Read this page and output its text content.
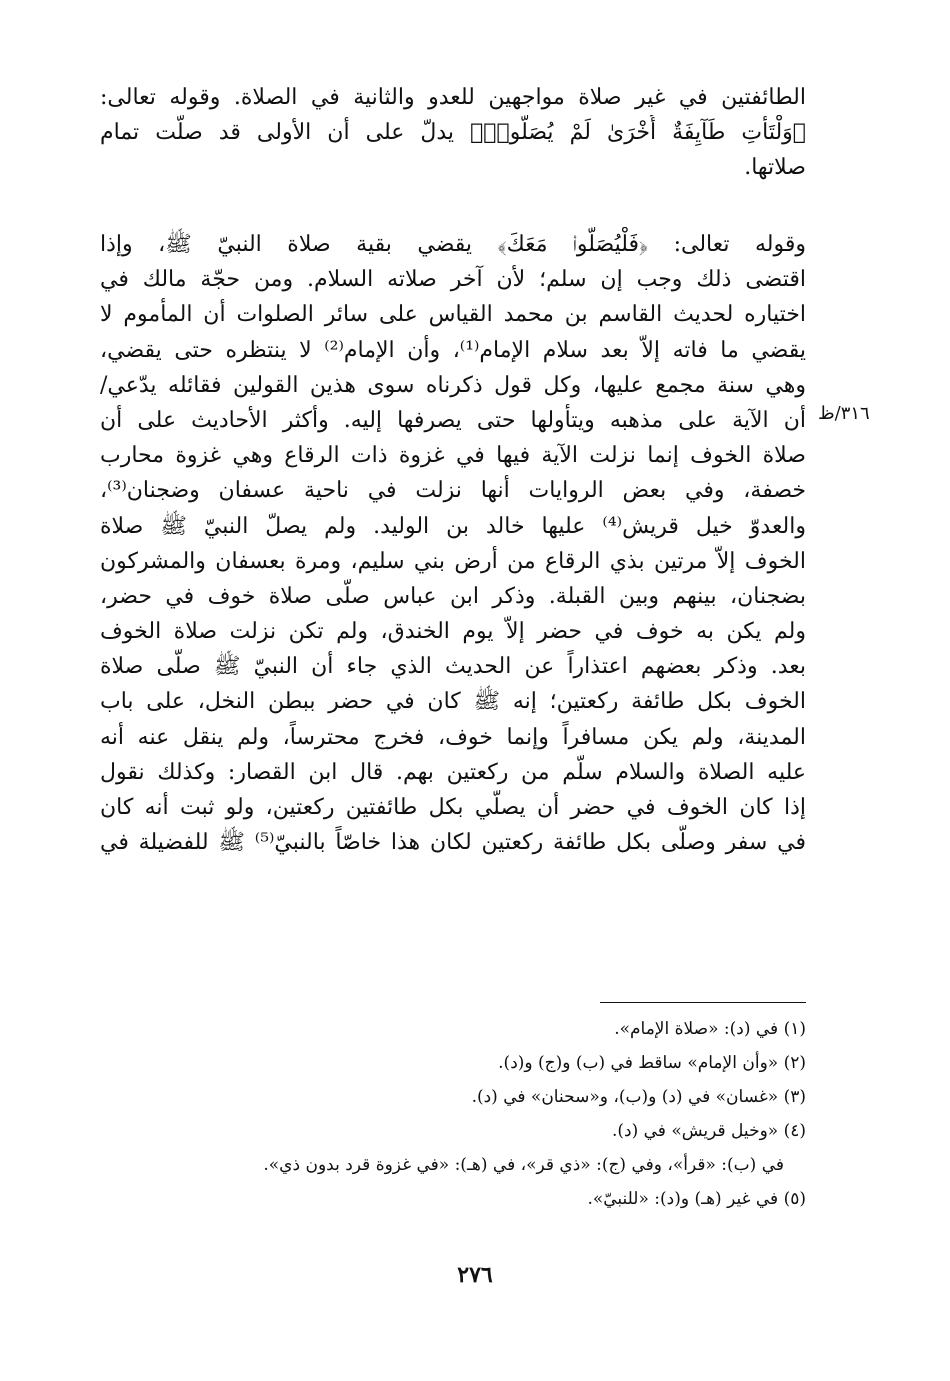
الطائفتين في غير صلاة مواجهين للعدو والثانية في الصلاة. وقوله تعالى:
﴿وَلْتَأْتِ طَآيِفَةٌ أُخْرَىٰ لَمْ يُصَلُّوا۟﴾ يدلّ على أن الأولى قد صلّت تمام
صلاتها.
وقوله تعالى: ﴿فَلْيُصَلُّوا۟ مَعَكَ﴾ يقضي بقية صلاة النبيّ ﷺ، وإذا
اقتضى ذلك وجب إن سلم؛ لأن آخر صلاته السلام. ومن حجّة مالك في
اختياره لحديث القاسم بن محمد القياس على سائر الصلوات أن المأموم لا
يقضي ما فاته إلاّ بعد سلام الإمام⁽¹⁾، وأن الإمام⁽²⁾ لا ينتظره حتى يقضي،
وهي سنة مجمع عليها، وكل قول ذكرناه سوى هذين القولين فقائله يدّعي/
أن الآية على مذهبه ويتأولها حتى يصرفها إليه. وأكثر الأحاديث على أن
صلاة الخوف إنما نزلت الآية فيها في غزوة ذات الرقاع وهي غزوة محارب
خصفة، وفي بعض الروايات أنها نزلت في ناحية عسفان وضجنان⁽³⁾،
والعدوّ خيل قريش⁽⁴⁾ عليها خالد بن الوليد. ولم يصلّ النبيّ ﷺ صلاة
الخوف إلاّ مرتين بذي الرقاع من أرض بني سليم، ومرة بعسفان والمشركون
بضجنان، بينهم وبين القبلة. وذكر ابن عباس صلّى صلاة خوف في حضر،
ولم يكن به خوف في حضر إلاّ يوم الخندق، ولم تكن نزلت صلاة الخوف
بعد. وذكر بعضهم اعتذاراً عن الحديث الذي جاء أن النبيّ ﷺ صلّى صلاة
الخوف بكل طائفة ركعتين؛ إنه ﷺ كان في حضر ببطن النخل، على باب
المدينة، ولم يكن مسافراً وإنما خوف، فخرج محترساً، ولم ينقل عنه أنه
عليه الصلاة والسلام سلّم من ركعتين بهم. قال ابن القصار: وكذلك نقول
إذا كان الخوف في حضر أن يصلّي بكل طائفتين ركعتين، ولو ثبت أنه كان
في سفر وصلّى بكل طائفة ركعتين لكان هذا خاصّاً بالنبيّ⁽⁵⁾ ﷺ للفضيلة في
٣١٦/ظ
(١) في (د): «صلاة الإمام».
(٢) «وأن الإمام» ساقط في (ب) و(ج) و(د).
(٣) «غسان» في (د) و(ب)، و«سحنان» في (د).
(٤) «وخيل قريش» في (د).
في (ب): «قرأ»، وفي (ج): «ذي قر»، في (هـ): «في غزوة قرد بدون ذي».
(٥) في غير (هـ) و(د): «للنبيّ».
٢٧٦
